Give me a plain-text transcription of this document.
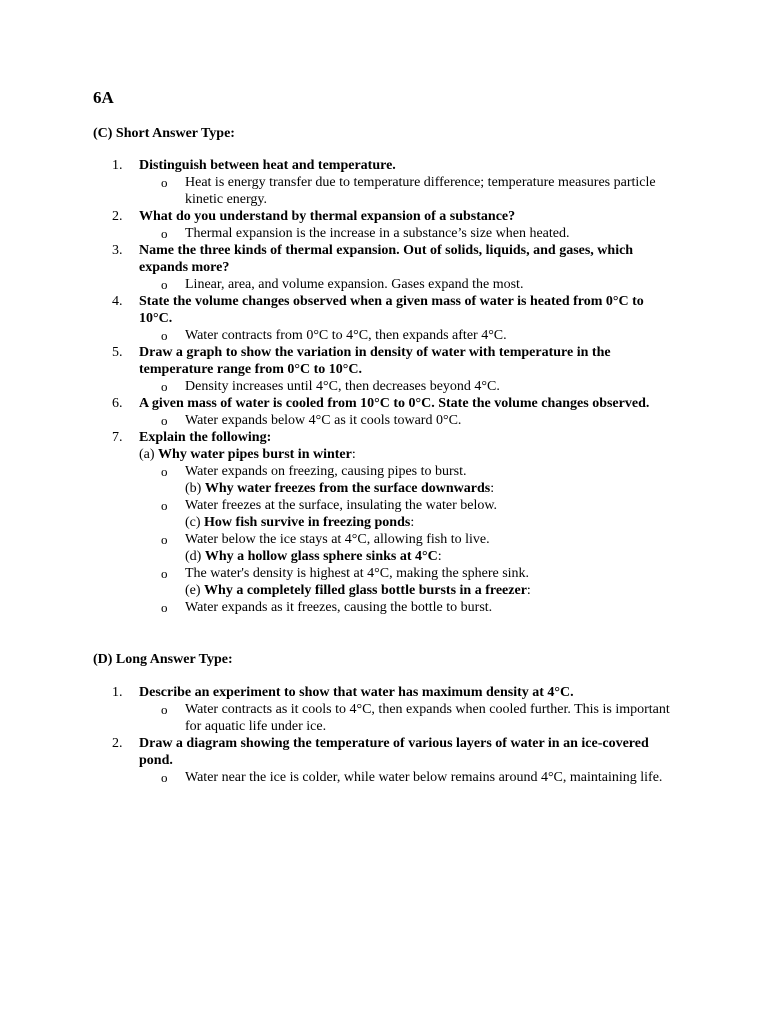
6A

(C) Short Answer Type:

1.	Distinguish between heat and temperature.
o Heat is energy transfer due to temperature difference; temperature measures particle kinetic energy.
2.	What do you understand by thermal expansion of a substance?
o Thermal expansion is the increase in a substance’s size when heated.
3.	Name the three kinds of thermal expansion. Out of solids, liquids, and gases, which expands more?
o Linear, area, and volume expansion. Gases expand the most.
4.	State the volume changes observed when a given mass of water is heated from 0°C to 10°C.
o Water contracts from 0°C to 4°C, then expands after 4°C.
5.	Draw a graph to show the variation in density of water with temperature in the temperature range from 0°C to 10°C.
o Density increases until 4°C, then decreases beyond 4°C.
6.	A given mass of water is cooled from 10°C to 0°C. State the volume changes observed.
o Water expands below 4°C as it cools toward 0°C.
7.	Explain the following:
(a) Why water pipes burst in winter:
o Water expands on freezing, causing pipes to burst.
(b) Why water freezes from the surface downwards:
o Water freezes at the surface, insulating the water below.
(c) How fish survive in freezing ponds:
o Water below the ice stays at 4°C, allowing fish to live.
(d) Why a hollow glass sphere sinks at 4°C:
o The water's density is highest at 4°C, making the sphere sink.
(e) Why a completely filled glass bottle bursts in a freezer:
o Water expands as it freezes, causing the bottle to burst.

(D) Long Answer Type:

1.	Describe an experiment to show that water has maximum density at 4°C.
o Water contracts as it cools to 4°C, then expands when cooled further. This is important for aquatic life under ice.
2.	Draw a diagram showing the temperature of various layers of water in an ice-covered pond.
o Water near the ice is colder, while water below remains around 4°C, maintaining life.
